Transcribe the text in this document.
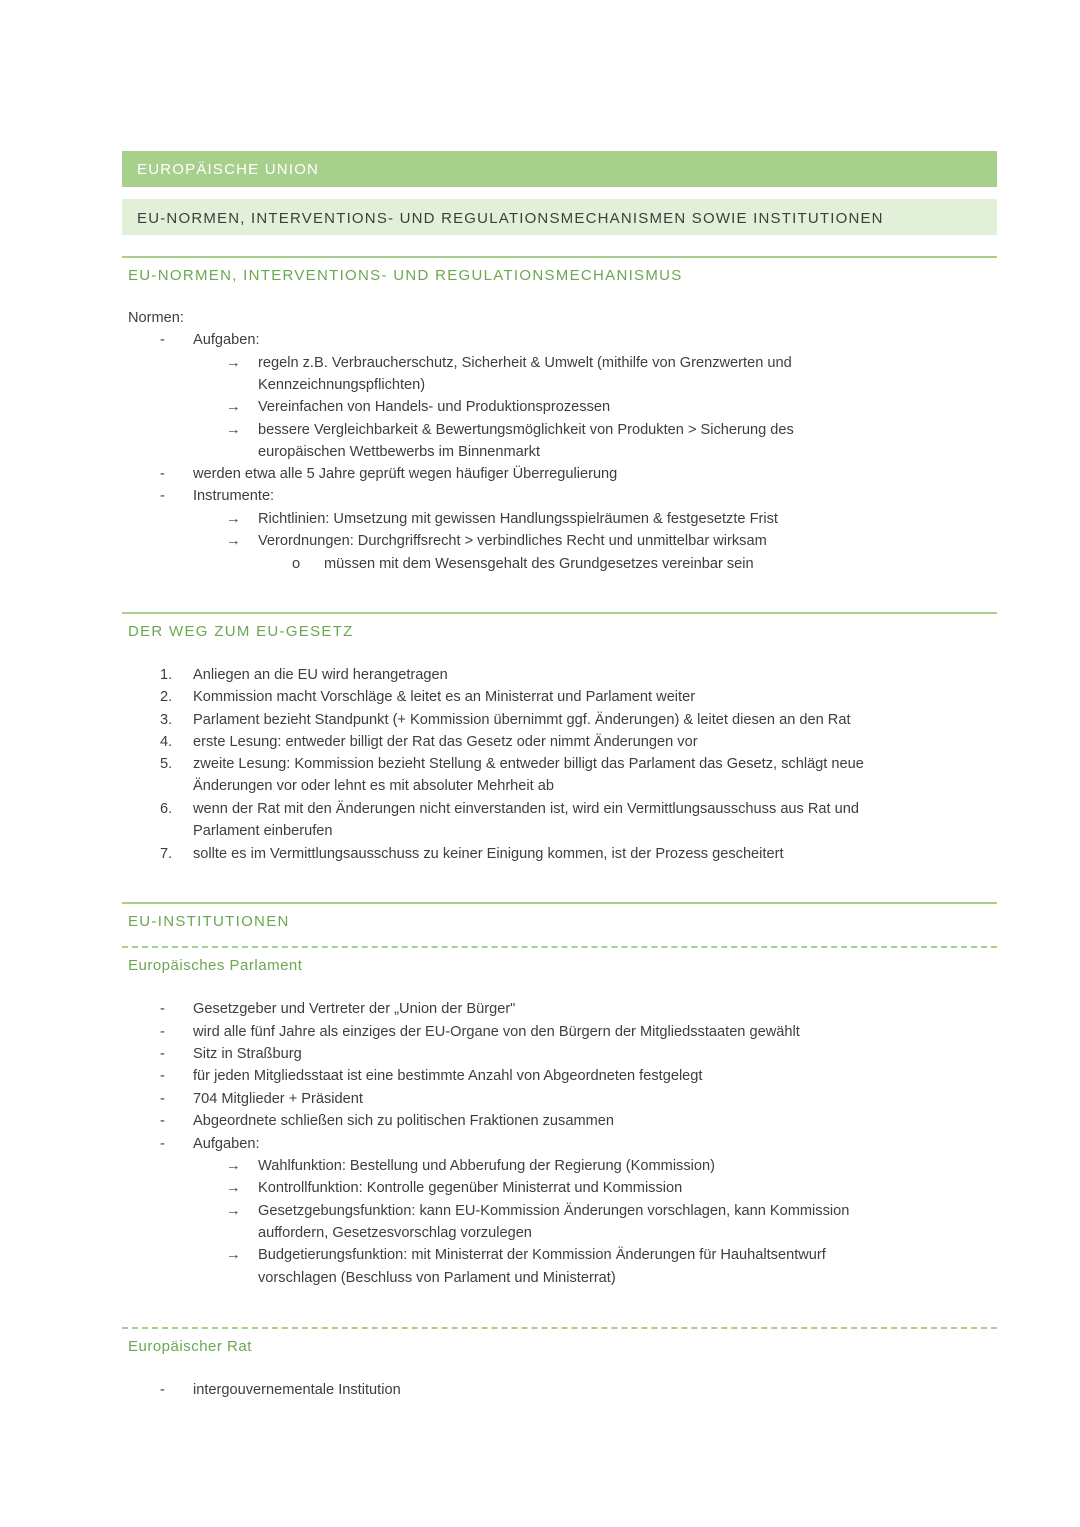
EUROPÄISCHE UNION
EU-NORMEN, INTERVENTIONS- UND REGULATIONSMECHANISMEN SOWIE INSTITUTIONEN
EU-NORMEN, INTERVENTIONS- UND REGULATIONSMECHANISMUS
Normen:
- Aufgaben:
→ regeln z.B. Verbraucherschutz, Sicherheit & Umwelt (mithilfe von Grenzwerten und
Kennzeichnungspflichten)
→ Vereinfachen von Handels- und Produktionsprozessen
→ bessere Vergleichbarkeit & Bewertungsmöglichkeit von Produkten > Sicherung des
europäischen Wettbewerbs im Binnenmarkt
- werden etwa alle 5 Jahre geprüft wegen häufiger Überregulierung
- Instrumente:
→ Richtlinien: Umsetzung mit gewissen Handlungsspielräumen & festgesetzte Frist
→ Verordnungen: Durchgriffsrecht > verbindliches Recht und unmittelbar wirksam
o müssen mit dem Wesensgehalt des Grundgesetzes vereinbar sein
DER WEG ZUM EU-GESETZ
1. Anliegen an die EU wird herangetragen
2. Kommission macht Vorschläge & leitet es an Ministerrat und Parlament weiter
3. Parlament bezieht Standpunkt (+ Kommission übernimmt ggf. Änderungen) & leitet diesen an den Rat
4. erste Lesung: entweder billigt der Rat das Gesetz oder nimmt Änderungen vor
5. zweite Lesung: Kommission bezieht Stellung & entweder billigt das Parlament das Gesetz, schlägt neue
Änderungen vor oder lehnt es mit absoluter Mehrheit ab
6. wenn der Rat mit den Änderungen nicht einverstanden ist, wird ein Vermittlungsausschuss aus Rat und
Parlament einberufen
7. sollte es im Vermittlungsausschuss zu keiner Einigung kommen, ist der Prozess gescheitert
EU-INSTITUTIONEN
Europäisches Parlament
- Gesetzgeber und Vertreter der „Union der Bürger"
- wird alle fünf Jahre als einziges der EU-Organe von den Bürgern der Mitgliedsstaaten gewählt
- Sitz in Straßburg
- für jeden Mitgliedsstaat ist eine bestimmte Anzahl von Abgeordneten festgelegt
- 704 Mitglieder + Präsident
- Abgeordnete schließen sich zu politischen Fraktionen zusammen
- Aufgaben:
→ Wahlfunktion: Bestellung und Abberufung der Regierung (Kommission)
→ Kontrollfunktion: Kontrolle gegenüber Ministerrat und Kommission
→ Gesetzgebungsfunktion: kann EU-Kommission Änderungen vorschlagen, kann Kommission
auffordern, Gesetzesvorschlag vorzulegen
→ Budgetierungsfunktion: mit Ministerrat der Kommission Änderungen für Hauhaltsentwurf
vorschlagen (Beschluss von Parlament und Ministerrat)
Europäischer Rat
- intergouvernementale Institution
